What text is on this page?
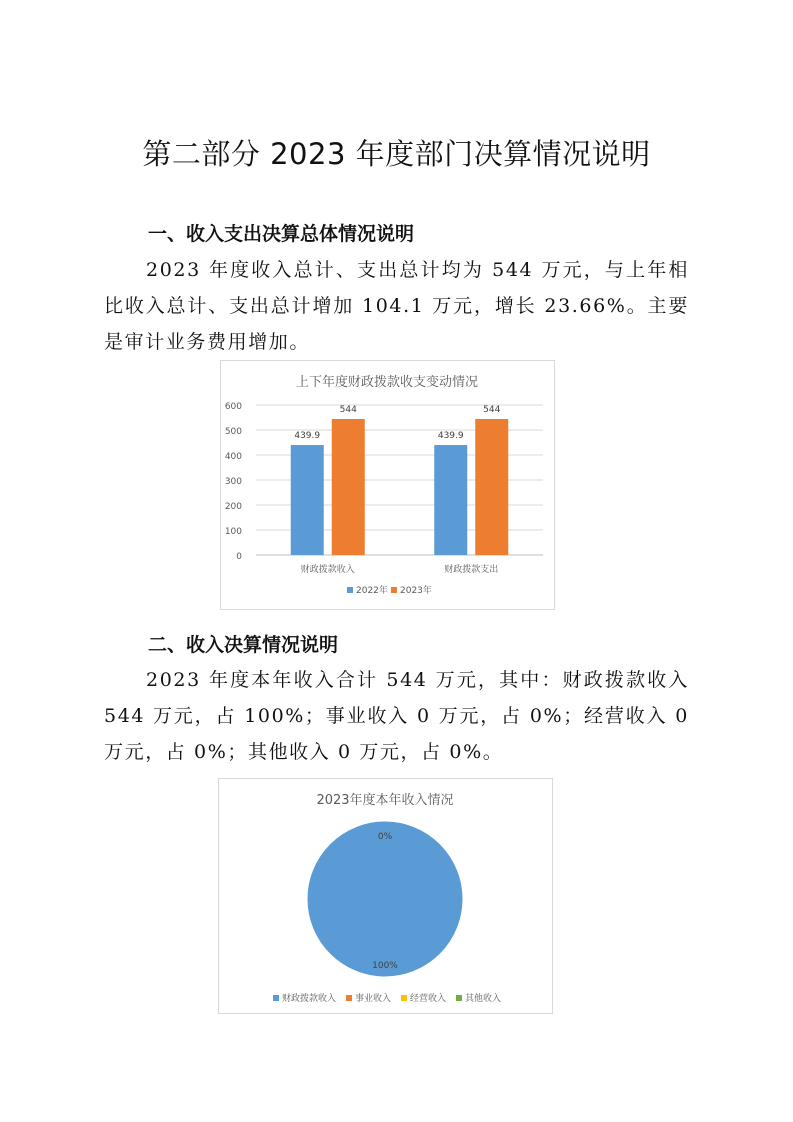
第二部分 2023 年度部门决算情况说明
一、收入支出决算总体情况说明

2023 年度收入总计、支出总计均为 544 万元，与上年相比收入总计、支出总计增加 104.1 万元，增长 23.66%。主要是审计业务费用增加。

上下年度财政拨款收支变动情况
0
100
200
300
400
500
600
439.9
544
财政拨款收入
439.9
544
财政拨款支出
2022年 2023年
二、收入决算情况说明

2023 年度本年收入合计 544 万元，其中：财政拨款收入 544 万元，占 100%；事业收入 0 万元，占 0%；经营收入 0 万元，占 0%；其他收入 0 万元，占 0%。

2023年度本年收入情况
100%
0%
财政拨款收入 事业收入 经营收入 其他收入
